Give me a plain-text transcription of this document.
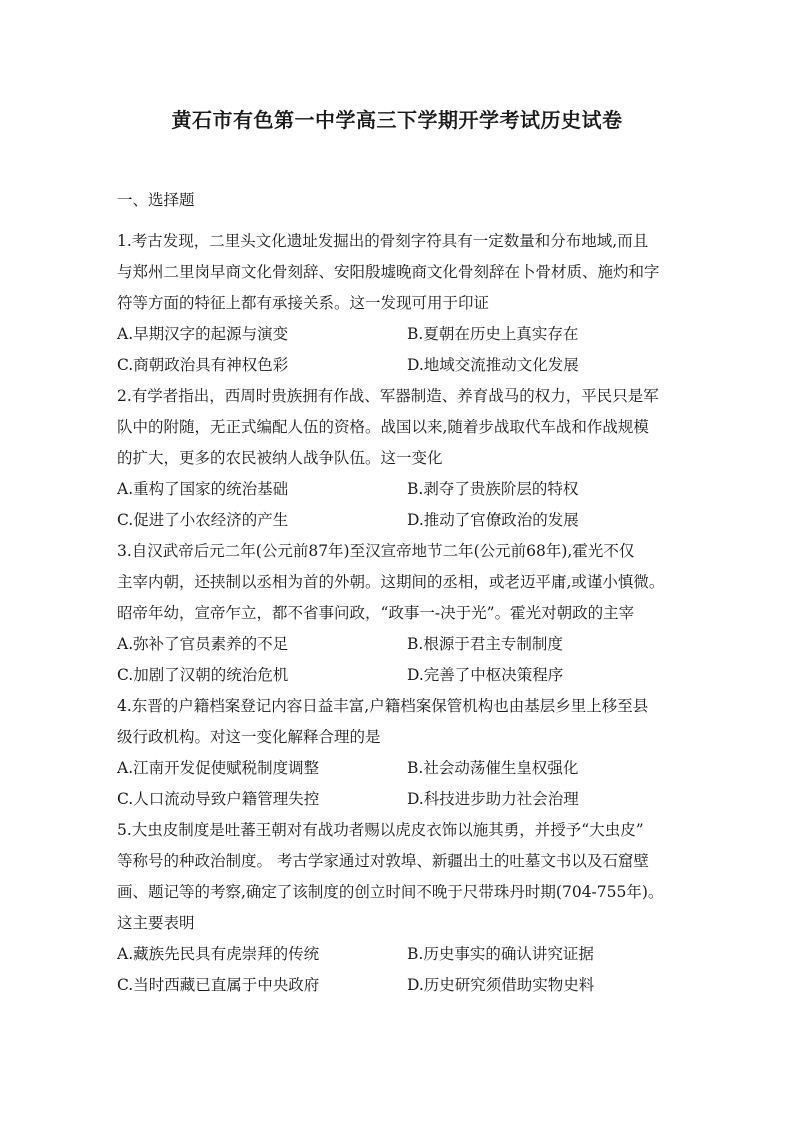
黄石市有色第一中学高三下学期开学考试历史试卷
一、选择题
1.考古发现，二里头文化遗址发掘出的骨刻字符具有一定数量和分布地域,而且
与郑州二里岗早商文化骨刻辞、安阳殷墟晚商文化骨刻辞在卜骨材质、施灼和字
符等方面的特征上都有承接关系。这一发现可用于印证
A.早期汉字的起源与演变	B.夏朝在历史上真实存在
C.商朝政治具有神权色彩	D.地域交流推动文化发展
2.有学者指出，西周时贵族拥有作战、军器制造、养育战马的权力，平民只是军
队中的附随，无正式编配人伍的资格。战国以来,随着步战取代车战和作战规模
的扩大，更多的农民被纳人战争队伍。这一变化
A.重构了国家的统治基础	B.剥夺了贵族阶层的特权
C.促进了小农经济的产生	D.推动了官僚政治的发展
3.自汉武帝后元二年(公元前87年)至汉宣帝地节二年(公元前68年),霍光不仅
主宰内朝，还挟制以丞相为首的外朝。这期间的丞相，或老迈平庸,或谨小慎微。
昭帝年幼，宣帝乍立，都不省事问政，“政事一-决于光”。霍光对朝政的主宰
A.弥补了官员素养的不足	B.根源于君主专制制度
C.加剧了汉朝的统治危机	D.完善了中枢决策程序
4.东晋的户籍档案登记内容日益丰富,户籍档案保管机构也由基层乡里上移至县
级行政机构。对这一变化解释合理的是
A.江南开发促使赋税制度调整	B.社会动荡催生皇权强化
C.人口流动导致户籍管理失控	D.科技进步助力社会治理
5.大虫皮制度是吐蕃王朝对有战功者赐以虎皮衣饰以施其勇，并授予“大虫皮”
等称号的种政治制度。 考古学家通过对敦埠、新疆出土的吐墓文书以及石窟壁
画、题记等的考察,确定了该制度的创立时间不晚于尺带珠丹时期(704-755年)。
这主要表明
A.藏族先民具有虎崇拜的传统	B.历史事实的确认讲究证据
C.当时西藏已直属于中央政府	D.历史研究须借助实物史料
